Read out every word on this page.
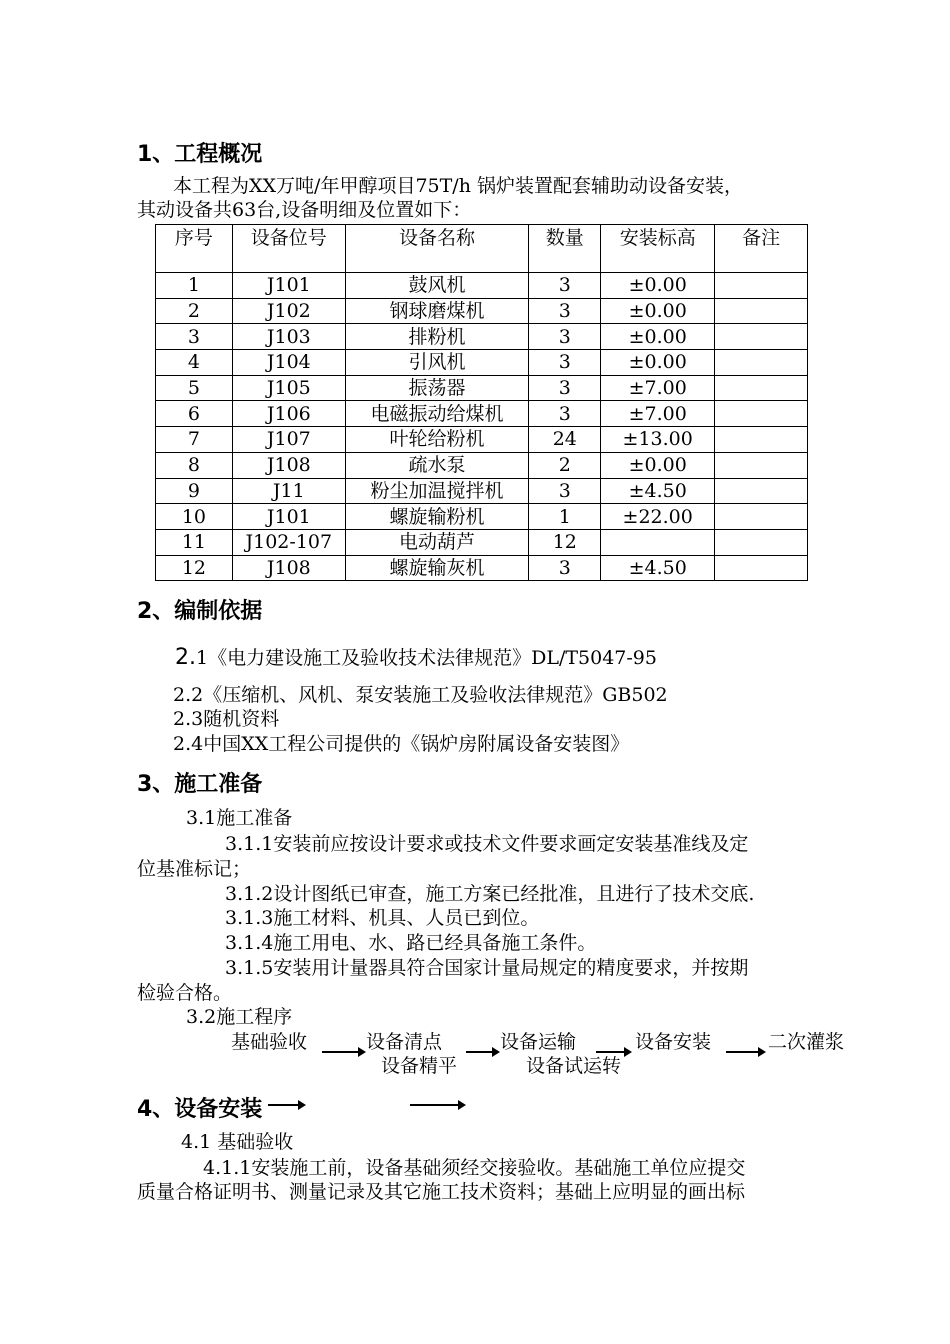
1、工程概况
本工程为XX万吨/年甲醇项目75T/h 锅炉装置配套辅助动设备安装，
其动设备共63台,设备明细及位置如下：
序号	设备位号	设备名称	数量	安装标高	备注
1	J101	鼓风机	3	±0.00	
2	J102	钢球磨煤机	3	±0.00	
3	J103	排粉机	3	±0.00	
4	J104	引风机	3	±0.00	
5	J105	振荡器	3	±7.00	
6	J106	电磁振动给煤机	3	±7.00	
7	J107	叶轮给粉机	24	±13.00	
8	J108	疏水泵	2	±0.00	
9	J11	粉尘加温搅拌机	3	±4.50	
10	J101	螺旋输粉机	1	±22.00	
11	J102-107	电动葫芦	12		
12	J108	螺旋输灰机	3	±4.50	
2、编制依据
2.1《电力建设施工及验收技术法律规范》DL/T5047-95
2.2《压缩机、风机、泵安装施工及验收法律规范》GB502
2.3随机资料
2.4中国XX工程公司提供的《锅炉房附属设备安装图》
3、施工准备
3.1施工准备
3.1.1安装前应按设计要求或技术文件要求画定安装基准线及定
位基准标记；
3.1.2设计图纸已审查，施工方案已经批准，且进行了技术交底.
3.1.3施工材料、机具、人员已到位。
3.1.4施工用电、水、路已经具备施工条件。
3.1.5安装用计量器具符合国家计量局规定的精度要求，并按期
检验合格。
3.2施工程序
基础验收	设备清点	设备运输	设备安装	二次灌浆
设备精平	设备试运转
4、设备安装
4.1 基础验收
4.1.1安装施工前，设备基础须经交接验收。基础施工单位应提交
质量合格证明书、测量记录及其它施工技术资料；基础上应明显的画出标
